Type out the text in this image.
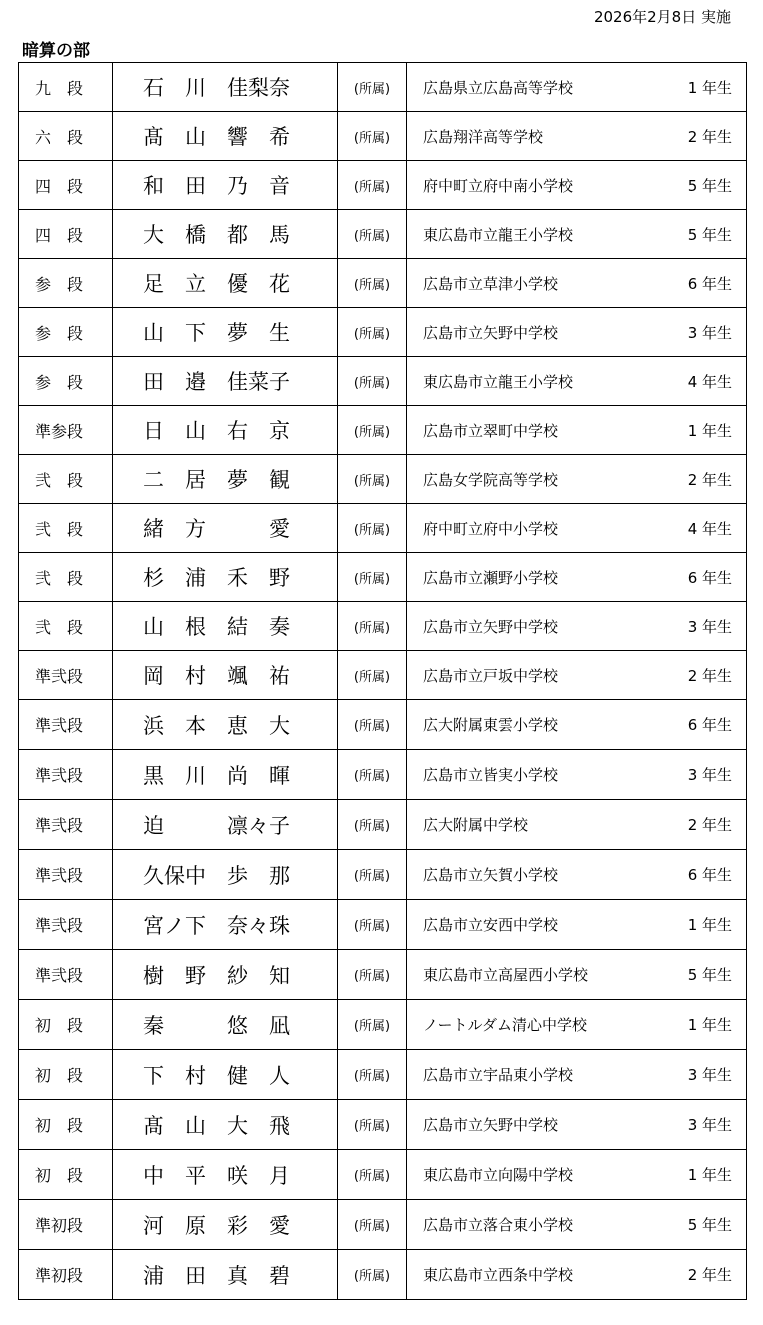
2026年2月8日 実施
暗算の部
九　段	石　川　佳梨奈	(所属)	広島県立広島高等学校 1 年生

六　段	髙　山　響　希	(所属)	広島翔洋高等学校 2 年生

四　段	和　田　乃　音	(所属)	府中町立府中南小学校 5 年生

四　段	大　橋　都　馬	(所属)	東広島市立龍王小学校 5 年生

参　段	足　立　優　花	(所属)	広島市立草津小学校 6 年生

参　段	山　下　夢　生	(所属)	広島市立矢野中学校 3 年生

参　段	田　邉　佳菜子	(所属)	東広島市立龍王小学校 4 年生

準参段	日　山　右　京	(所属)	広島市立翠町中学校 1 年生

弐　段	二　居　夢　観	(所属)	広島女学院高等学校 2 年生

弐　段	緒　方　　　愛	(所属)	府中町立府中小学校 4 年生

弐　段	杉　浦　禾　野	(所属)	広島市立瀬野小学校 6 年生

弐　段	山　根　結　奏	(所属)	広島市立矢野中学校 3 年生

準弐段	岡　村　颯　祐	(所属)	広島市立戸坂中学校 2 年生

準弐段	浜　本　恵　大	(所属)	広大附属東雲小学校 6 年生

準弐段	黒　川　尚　暉	(所属)	広島市立皆実小学校 3 年生

準弐段	迫　　　凛々子	(所属)	広大附属中学校 2 年生

準弐段	久保中　歩　那	(所属)	広島市立矢賀小学校 6 年生

準弐段	宮ノ下　奈々珠	(所属)	広島市立安西中学校 1 年生

準弐段	樹　野　紗　知	(所属)	東広島市立高屋西小学校 5 年生

初　段	秦　　　悠　凪	(所属)	ノートルダム清心中学校 1 年生

初　段	下　村　健　人	(所属)	広島市立宇品東小学校 3 年生

初　段	髙　山　大　飛	(所属)	広島市立矢野中学校 3 年生

初　段	中　平　咲　月	(所属)	東広島市立向陽中学校 1 年生

準初段	河　原　彩　愛	(所属)	広島市立落合東小学校 5 年生

準初段	浦　田　真　碧	(所属)	東広島市立西条中学校 2 年生
